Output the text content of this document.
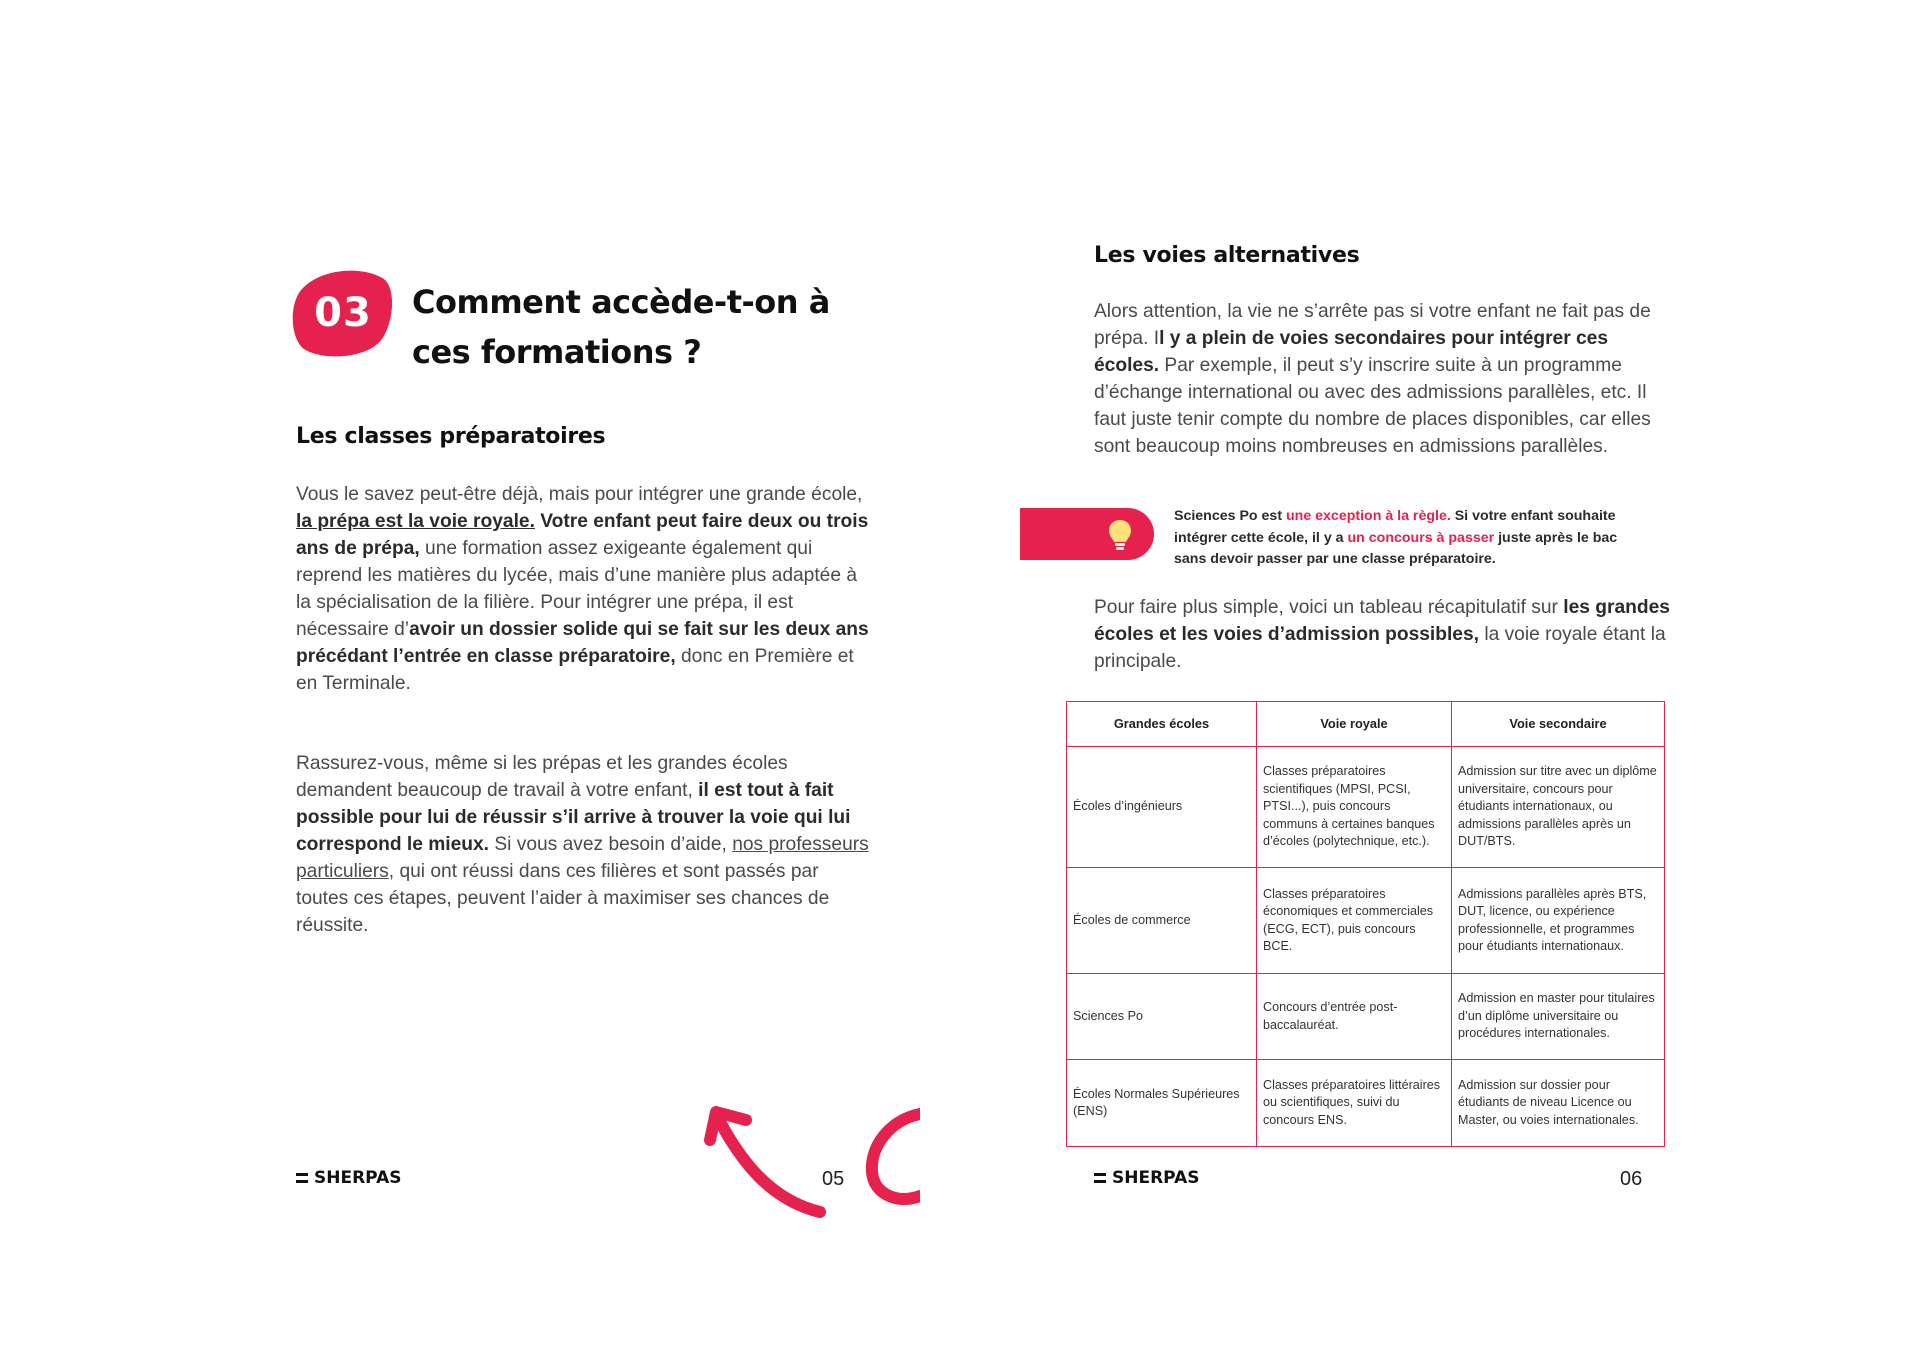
03	Comment accède-t-on à
ces formations ?
Les classes préparatoires

Vous le savez peut-être déjà, mais pour intégrer une grande école, la prépa est la voie royale. Votre enfant peut faire deux ou trois ans de prépa, une formation assez exigeante également qui reprend les matières du lycée, mais d’une manière plus adaptée à la spécialisation de la filière. Pour intégrer une prépa, il est nécessaire d’avoir un dossier solide qui se fait sur les deux ans précédant l’entrée en classe préparatoire, donc en Première et en Terminale.

Rassurez-vous, même si les prépas et les grandes écoles demandent beaucoup de travail à votre enfant, il est tout à fait possible pour lui de réussir s’il arrive à trouver la voie qui lui correspond le mieux. Si vous avez besoin d’aide, nos professeurs particuliers, qui ont réussi dans ces filières et sont passés par toutes ces étapes, peuvent l’aider à maximiser ses chances de réussite.

SHERPAS	05
Les voies alternatives

Alors attention, la vie ne s’arrête pas si votre enfant ne fait pas de prépa. Il y a plein de voies secondaires pour intégrer ces écoles. Par exemple, il peut s’y inscrire suite à un programme d’échange international ou avec des admissions parallèles, etc. Il faut juste tenir compte du nombre de places disponibles, car elles sont beaucoup moins nombreuses en admissions parallèles.

Sciences Po est une exception à la règle. Si votre enfant souhaite intégrer cette école, il y a un concours à passer juste après le bac sans devoir passer par une classe préparatoire.

Pour faire plus simple, voici un tableau récapitulatif sur les grandes écoles et les voies d’admission possibles, la voie royale étant la principale.

Grandes écoles	Voie royale	Voie secondaire
Écoles d’ingénieurs	Classes préparatoires scientifiques (MPSI, PCSI, PTSI...), puis concours communs à certaines banques d’écoles (polytechnique, etc.).	Admission sur titre avec un diplôme universitaire, concours pour étudiants internationaux, ou admissions parallèles après un DUT/BTS.
Écoles de commerce	Classes préparatoires économiques et commerciales (ECG, ECT), puis concours BCE.	Admissions parallèles après BTS, DUT, licence, ou expérience professionnelle, et programmes pour étudiants internationaux.
Sciences Po	Concours d’entrée post-baccalauréat.	Admission en master pour titulaires d’un diplôme universitaire ou procédures internationales.
Écoles Normales Supérieures (ENS)	Classes préparatoires littéraires ou scientifiques, suivi du concours ENS.	Admission sur dossier pour étudiants de niveau Licence ou Master, ou voies internationales.
SHERPAS	06
